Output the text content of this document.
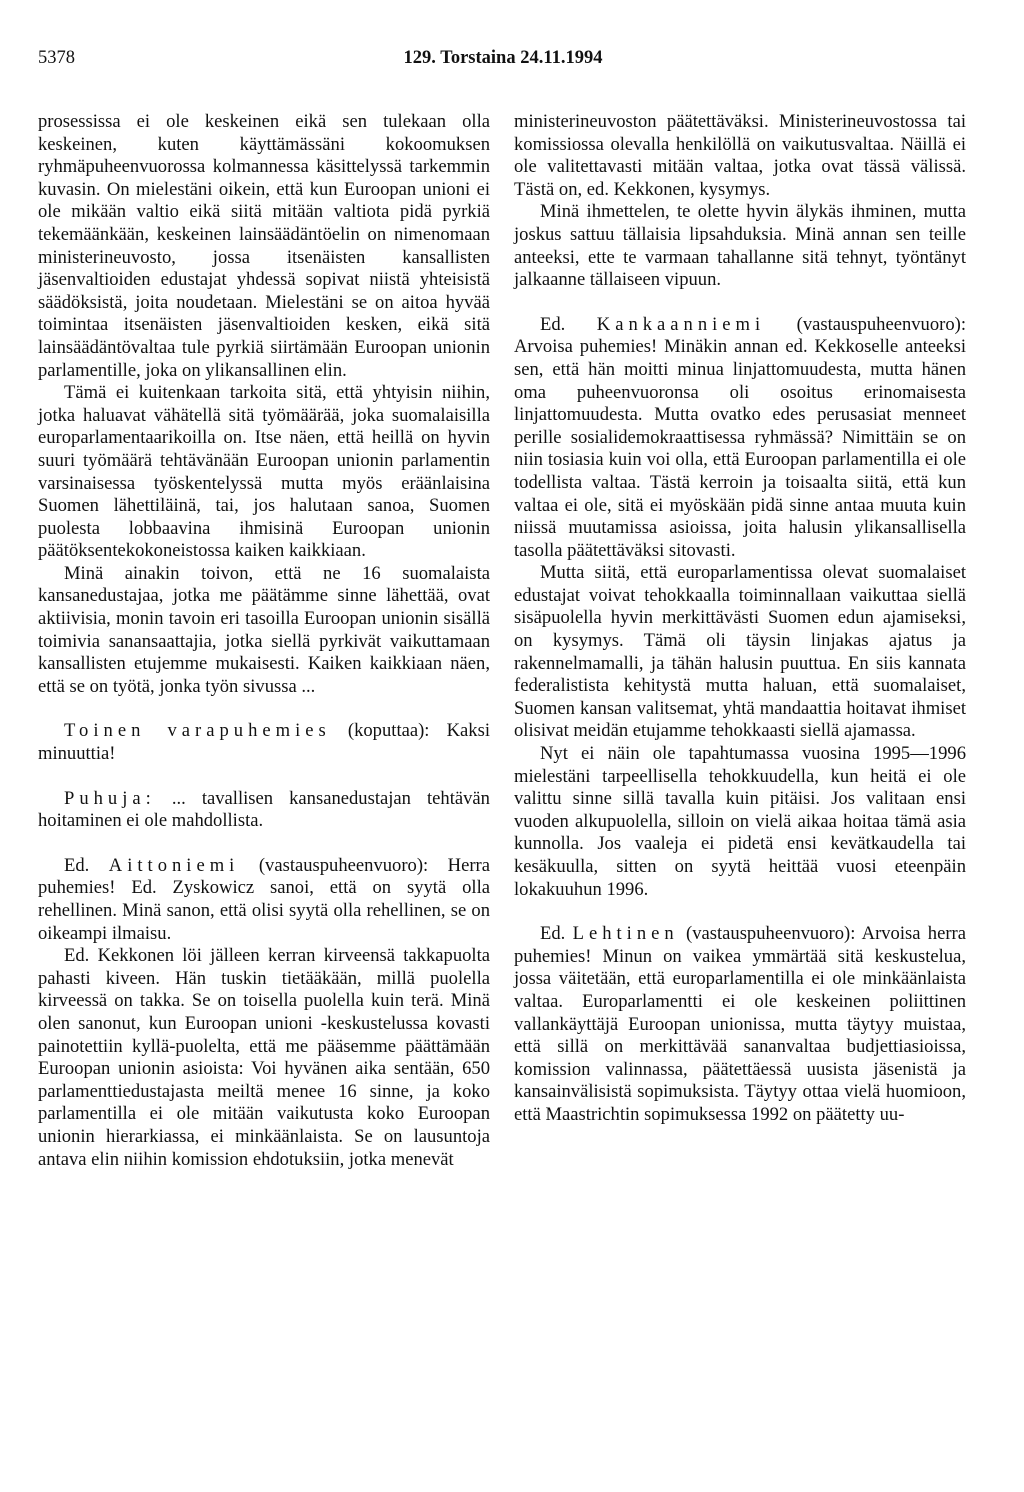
5378	129. Torstaina 24.11.1994

prosessissa ei ole keskeinen eikä sen tulekaan olla keskeinen, kuten käyttämässäni kokoomuksen ryhmäpuheenvuorossa kolmannessa käsittelyssä tarkemmin kuvasin. On mielestäni oikein, että kun Euroopan unioni ei ole mikään valtio eikä siitä mitään valtiota pidä pyrkiä tekemäänkään, keskeinen lainsäädäntöelin on nimenomaan ministerineuvosto, jossa itsenäisten kansallisten jäsenvaltioiden edustajat yhdessä sopivat niistä yhteisistä säädöksistä, joita noudetaan. Mielestäni se on aitoa hyvää toimintaa itsenäisten jäsenvaltioiden kesken, eikä sitä lainsäädäntövaltaa tule pyrkiä siirtämään Euroopan unionin parlamentille, joka on ylikansallinen elin.

Tämä ei kuitenkaan tarkoita sitä, että yhtyisin niihin, jotka haluavat vähätellä sitä työmäärää, joka suomalaisilla europarlamentaarikoilla on. Itse näen, että heillä on hyvin suuri työmäärä tehtävänään Euroopan unionin parlamentin varsinaisessa työskentelyssä mutta myös eräänlaisina Suomen lähettiläinä, tai, jos halutaan sanoa, Suomen puolesta lobbaavina ihmisinä Euroopan unionin päätöksentekokoneistossa kaiken kaikkiaan.

Minä ainakin toivon, että ne 16 suomalaista kansanedustajaa, jotka me päätämme sinne lähettää, ovat aktiivisia, monin tavoin eri tasoilla Euroopan unionin sisällä toimivia sanansaattajia, jotka siellä pyrkivät vaikuttamaan kansallisten etujemme mukaisesti. Kaiken kaikkiaan näen, että se on työtä, jonka työn sivussa ...

Toinen varapuhemies (koputtaa): Kaksi minuuttia!

Puhuja: ... tavallisen kansanedustajan tehtävän hoitaminen ei ole mahdollista.

Ed. Aittoniemi (vastauspuheenvuoro): Herra puhemies! Ed. Zyskowicz sanoi, että on syytä olla rehellinen. Minä sanon, että olisi syytä olla rehellinen, se on oikeampi ilmaisu.

Ed. Kekkonen löi jälleen kerran kirveensä takkapuolta pahasti kiveen. Hän tuskin tietääkään, millä puolella kirveessä on takka. Se on toisella puolella kuin terä. Minä olen sanonut, kun Euroopan unioni -keskustelussa kovasti painotettiin kyllä-puolelta, että me pääsemme päättämään Euroopan unionin asioista: Voi hyvänen aika sentään, 650 parlamenttiedustajasta meiltä menee 16 sinne, ja koko parlamentilla ei ole mitään vaikutusta koko Euroopan unionin hierarkiassa, ei minkäänlaista. Se on lausuntoja antava elin niihin komission ehdotuksiin, jotka menevät

ministerineuvoston päätettäväksi. Ministerineuvostossa tai komissiossa olevalla henkilöllä on vaikutusvaltaa. Näillä ei ole valitettavasti mitään valtaa, jotka ovat tässä välissä. Tästä on, ed. Kekkonen, kysymys.

Minä ihmettelen, te olette hyvin älykäs ihminen, mutta joskus sattuu tällaisia lipsahduksia. Minä annan sen teille anteeksi, ette te varmaan tahallanne sitä tehnyt, työntänyt jalkaanne tällaiseen vipuun.

Ed. Kankaanniemi (vastauspuheenvuoro): Arvoisa puhemies! Minäkin annan ed. Kekkoselle anteeksi sen, että hän moitti minua linjattomuudesta, mutta hänen oma puheenvuoronsa oli osoitus erinomaisesta linjattomuudesta. Mutta ovatko edes perusasiat menneet perille sosialidemokraattisessa ryhmässä? Nimittäin se on niin tosiasia kuin voi olla, että Euroopan parlamentilla ei ole todellista valtaa. Tästä kerroin ja toisaalta siitä, että kun valtaa ei ole, sitä ei myöskään pidä sinne antaa muuta kuin niissä muutamissa asioissa, joita halusin ylikansallisella tasolla päätettäväksi sitovasti.

Mutta siitä, että europarlamentissa olevat suomalaiset edustajat voivat tehokkaalla toiminnallaan vaikuttaa siellä sisäpuolella hyvin merkittävästi Suomen edun ajamiseksi, on kysymys. Tämä oli täysin linjakas ajatus ja rakennelmamalli, ja tähän halusin puuttua. En siis kannata federalistista kehitystä mutta haluan, että suomalaiset, Suomen kansan valitsemat, yhtä mandaattia hoitavat ihmiset olisivat meidän etujamme tehokkaasti siellä ajamassa.

Nyt ei näin ole tapahtumassa vuosina 1995—1996 mielestäni tarpeellisella tehokkuudella, kun heitä ei ole valittu sinne sillä tavalla kuin pitäisi. Jos valitaan ensi vuoden alkupuolella, silloin on vielä aikaa hoitaa tämä asia kunnolla. Jos vaaleja ei pidetä ensi kevätkaudella tai kesäkuulla, sitten on syytä heittää vuosi eteenpäin lokakuuhun 1996.

Ed. Lehtinen (vastauspuheenvuoro): Arvoisa herra puhemies! Minun on vaikea ymmärtää sitä keskustelua, jossa väitetään, että europarlamentilla ei ole minkäänlaista valtaa. Europarlamentti ei ole keskeinen poliittinen vallankäyttäjä Euroopan unionissa, mutta täytyy muistaa, että sillä on merkittävää sananvaltaa budjettiasioissa, komission valinnassa, päätettäessä uusista jäsenistä ja kansainvälisistä sopimuksista. Täytyy ottaa vielä huomioon, että Maastrichtin sopimuksessa 1992 on päätetty uu-
